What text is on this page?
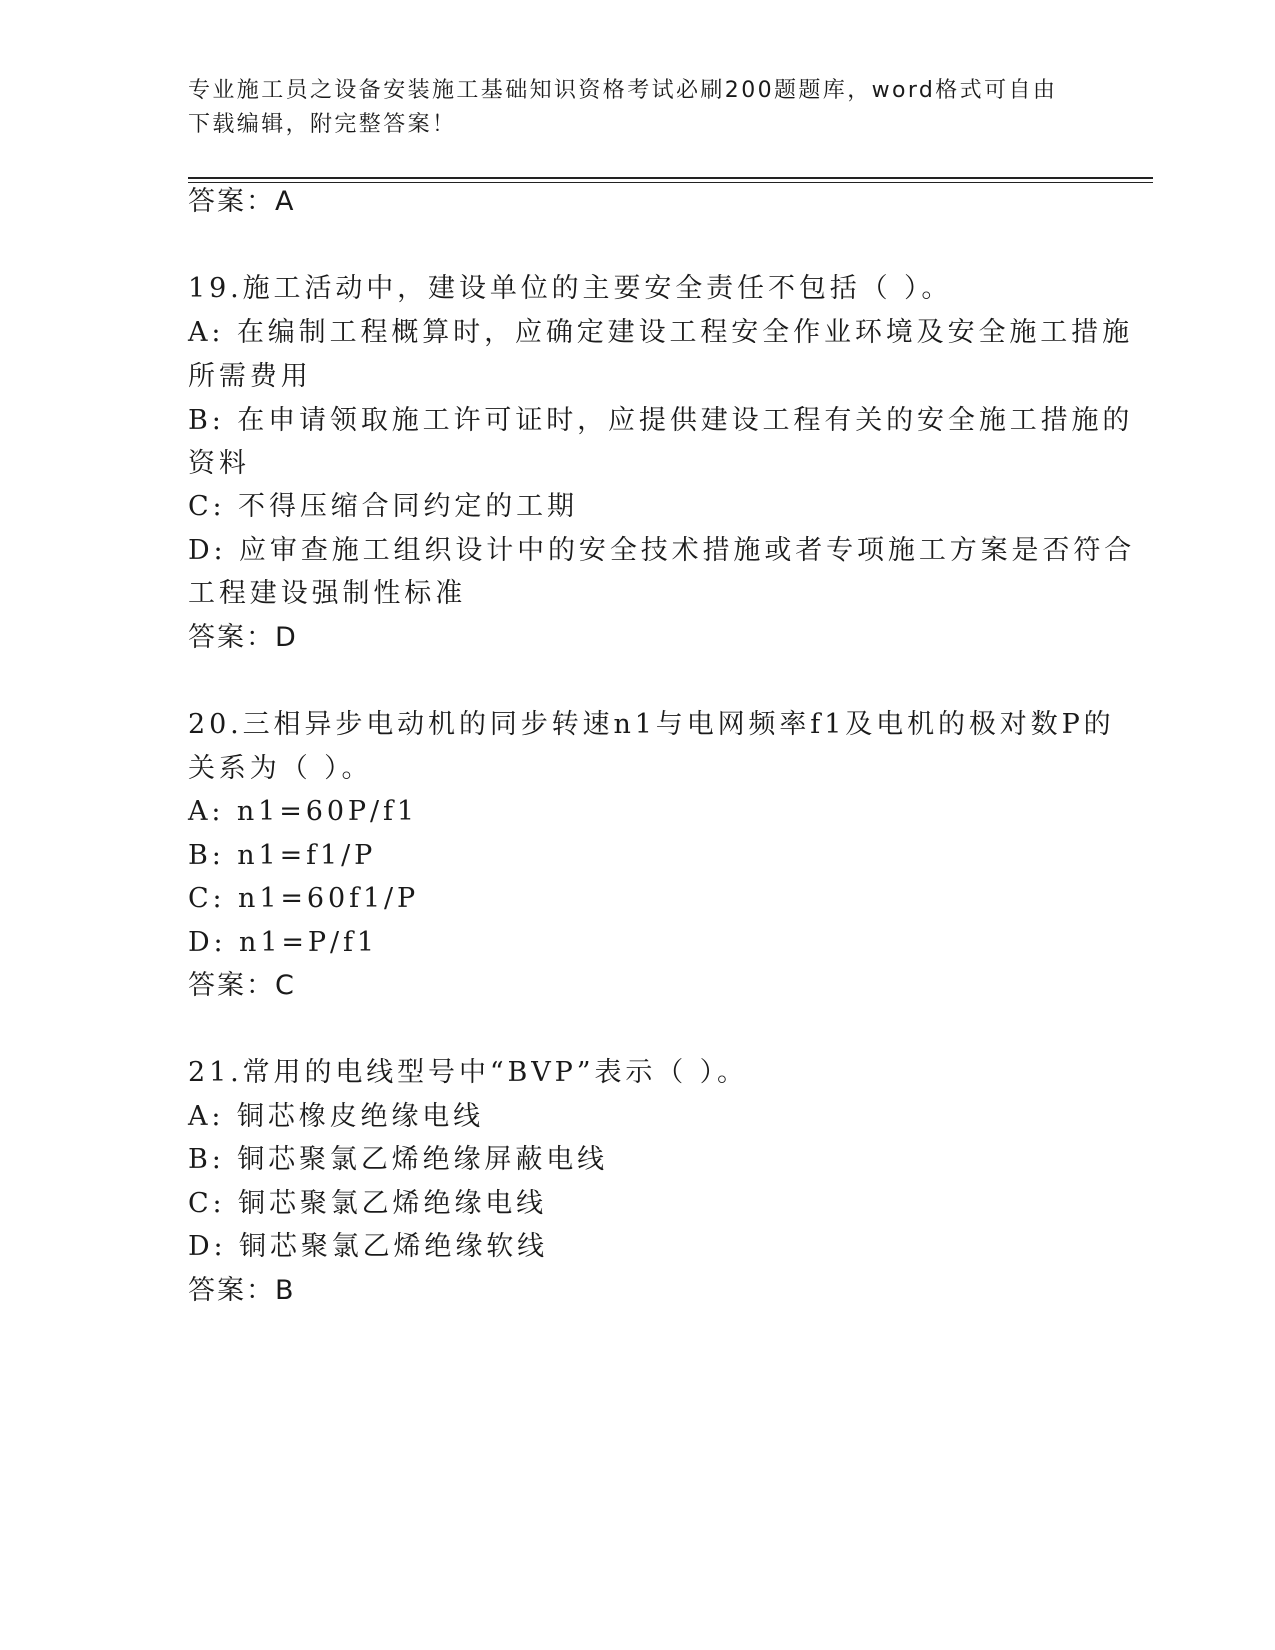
专业施工员之设备安装施工基础知识资格考试必刷200题题库，word格式可自由
下载编辑，附完整答案！
答案：A
19.施工活动中，建设单位的主要安全责任不包括（ ）。
A: 在编制工程概算时，应确定建设工程安全作业环境及安全施工措施
所需费用
B: 在申请领取施工许可证时，应提供建设工程有关的安全施工措施的
资料
C: 不得压缩合同约定的工期
D: 应审查施工组织设计中的安全技术措施或者专项施工方案是否符合
工程建设强制性标准
答案：D
20.三相异步电动机的同步转速n1与电网频率f1及电机的极对数P的
关系为（ ）。
A: n1=60P/f1
B: n1=f1/P
C: n1=60f1/P
D: n1=P/f1
答案：C
21.常用的电线型号中“BVP”表示（ ）。
A: 铜芯橡皮绝缘电线
B: 铜芯聚氯乙烯绝缘屏蔽电线
C: 铜芯聚氯乙烯绝缘电线
D: 铜芯聚氯乙烯绝缘软线
答案：B
